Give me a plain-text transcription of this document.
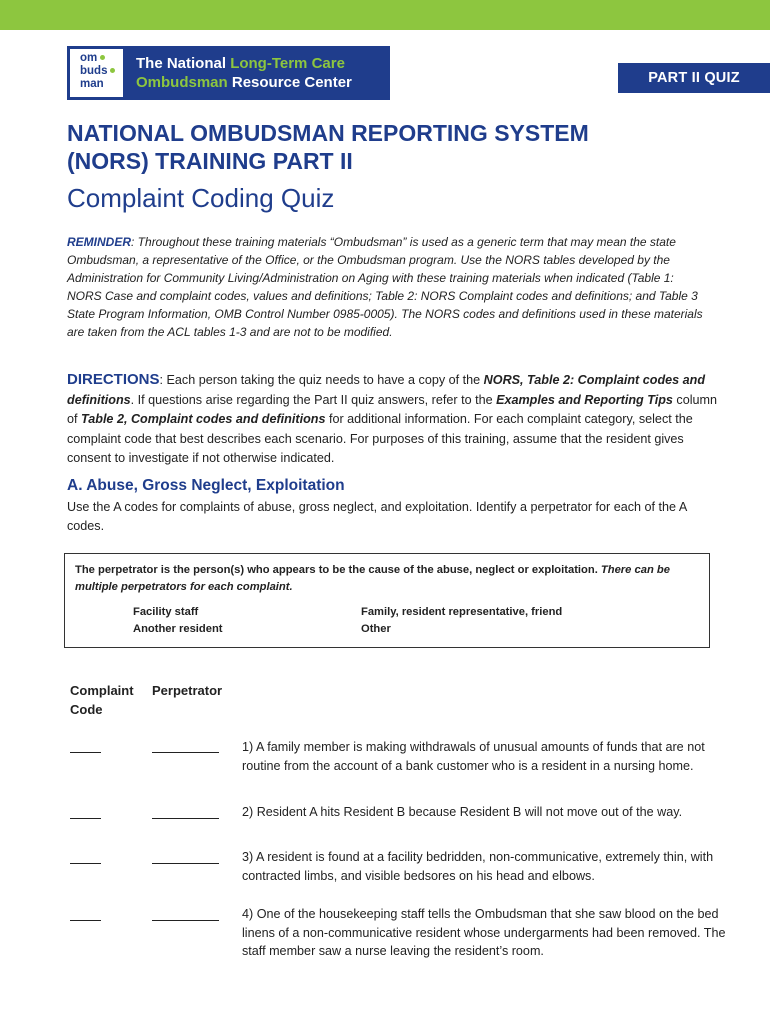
om
buds
man
The National Long-Term Care
Ombudsman Resource Center	PART II QUIZ
NATIONAL OMBUDSMAN REPORTING SYSTEM
(NORS) TRAINING PART II
Complaint Coding Quiz

REMINDER: Throughout these training materials “Ombudsman” is used as a generic term that may mean the state Ombudsman, a representative of the Office, or the Ombudsman program. Use the NORS tables developed by the Administration for Community Living/Administration on Aging with these training materials when indicated (Table 1: NORS Case and complaint codes, values and definitions; Table 2: NORS Complaint codes and definitions; and Table 3 State Program Information, OMB Control Number 0985-0005). The NORS codes and definitions used in these materials are taken from the ACL tables 1-3 and are not to be modified.

DIRECTIONS: Each person taking the quiz needs to have a copy of the NORS, Table 2: Complaint codes and definitions. If questions arise regarding the Part II quiz answers, refer to the Examples and Reporting Tips column of Table 2, Complaint codes and definitions for additional information. For each complaint category, select the complaint code that best describes each scenario. For purposes of this training, assume that the resident gives consent to investigate if not otherwise indicated.

A. Abuse, Gross Neglect, Exploitation

Use the A codes for complaints of abuse, gross neglect, and exploitation. Identify a perpetrator for each of the A codes.

The perpetrator is the person(s) who appears to be the cause of the abuse, neglect or exploitation. There can be multiple perpetrators for each complaint.

Facility staff
Another resident
Family, resident representative, friend
Other
Complaint
Code
Perpetrator

1) A family member is making withdrawals of unusual amounts of funds that are not routine from the account of a bank customer who is a resident in a nursing home.

2) Resident A hits Resident B because Resident B will not move out of the way.

3) A resident is found at a facility bedridden, non-communicative, extremely thin, with contracted limbs, and visible bedsores on his head and elbows.

4) One of the housekeeping staff tells the Ombudsman that she saw blood on the bed linens of a non-communicative resident whose undergarments had been removed. The staff member saw a nurse leaving the resident’s room.
